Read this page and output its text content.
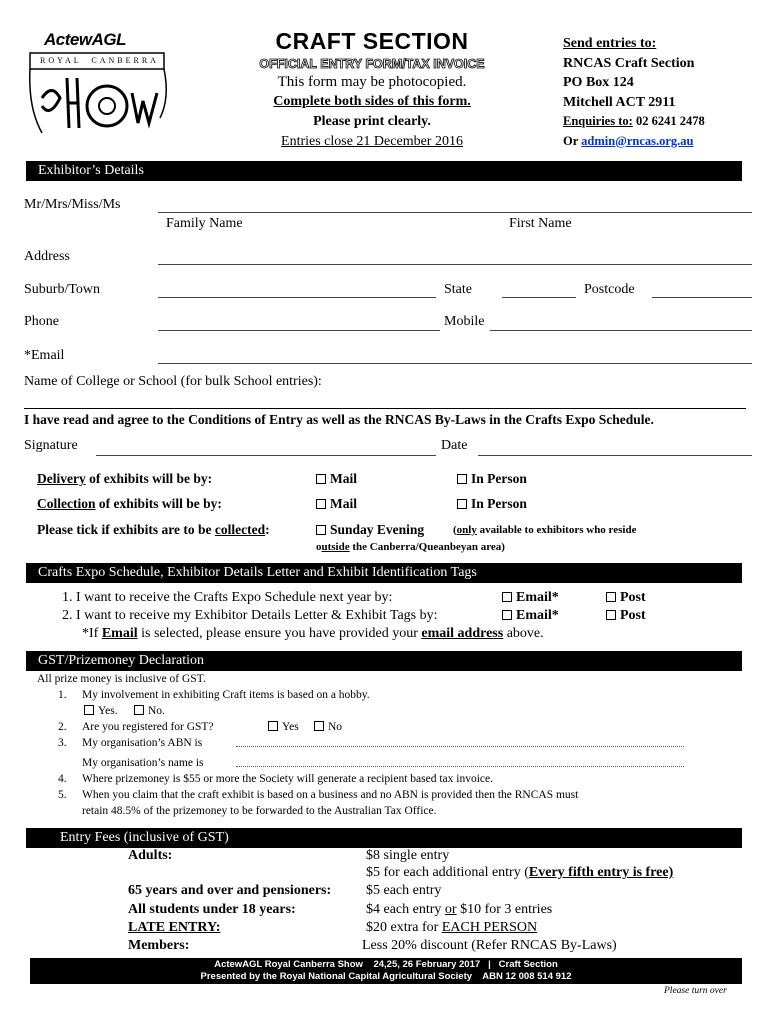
ActewAGL
ROYAL  CANBERRA
CRAFT SECTION
OFFICIAL ENTRY FORM/TAX INVOICE
This form may be photocopied.
Complete both sides of this form.
Please print clearly.
Entries close 21 December 2016
Send entries to:
RNCAS Craft Section
PO Box 124
Mitchell ACT 2911
Enquiries to: 02 6241 2478
Or admin@rncas.org.au
Exhibitor’s Details
Mr/Mrs/Miss/Ms
Family Name	First Name
Address
Suburb/Town	State	Postcode
Phone	Mobile
*Email
Name of College or School (for bulk School entries):
I have read and agree to the Conditions of Entry as well as the RNCAS By-Laws in the Crafts Expo Schedule.
Signature	Date
Delivery of exhibits will be by:	Mail	In Person
Collection of exhibits will be by:	Mail	In Person
Please tick if exhibits are to be collected:	Sunday Evening	(only available to exhibitors who reside
outside the Canberra/Queanbeyan area)
Crafts Expo Schedule, Exhibitor Details Letter and Exhibit Identification Tags
1. I want to receive the Crafts Expo Schedule next year by:	Email*	Post
2. I want to receive my Exhibitor Details Letter & Exhibit Tags by:	Email*	Post
*If Email is selected, please ensure you have provided your email address above.
GST/Prizemoney Declaration
All prize money is inclusive of GST.
1. My involvement in exhibiting Craft items is based on a hobby.
Yes.	No.
2. Are you registered for GST?	Yes	No
3. My organisation’s ABN is
My organisation’s name is
4. Where prizemoney is $55 or more the Society will generate a recipient based tax invoice.
5. When you claim that the craft exhibit is based on a business and no ABN is provided then the RNCAS must
retain 48.5% of the prizemoney to be forwarded to the Australian Tax Office.
Entry Fees (inclusive of GST)
Adults:	$8 single entry
$5 for each additional entry (Every fifth entry is free)
65 years and over and pensioners: $5 each entry
All students under 18 years:	$4 each entry or $10 for 3 entries
LATE ENTRY:	$20 extra for EACH PERSON
Members:	Less 20% discount (Refer RNCAS By-Laws)
ActewAGL Royal Canberra Show    24,25, 26 February 2017   |   Craft Section
Presented by the Royal National Capital Agricultural Society    ABN 12 008 514 912
Please turn over
